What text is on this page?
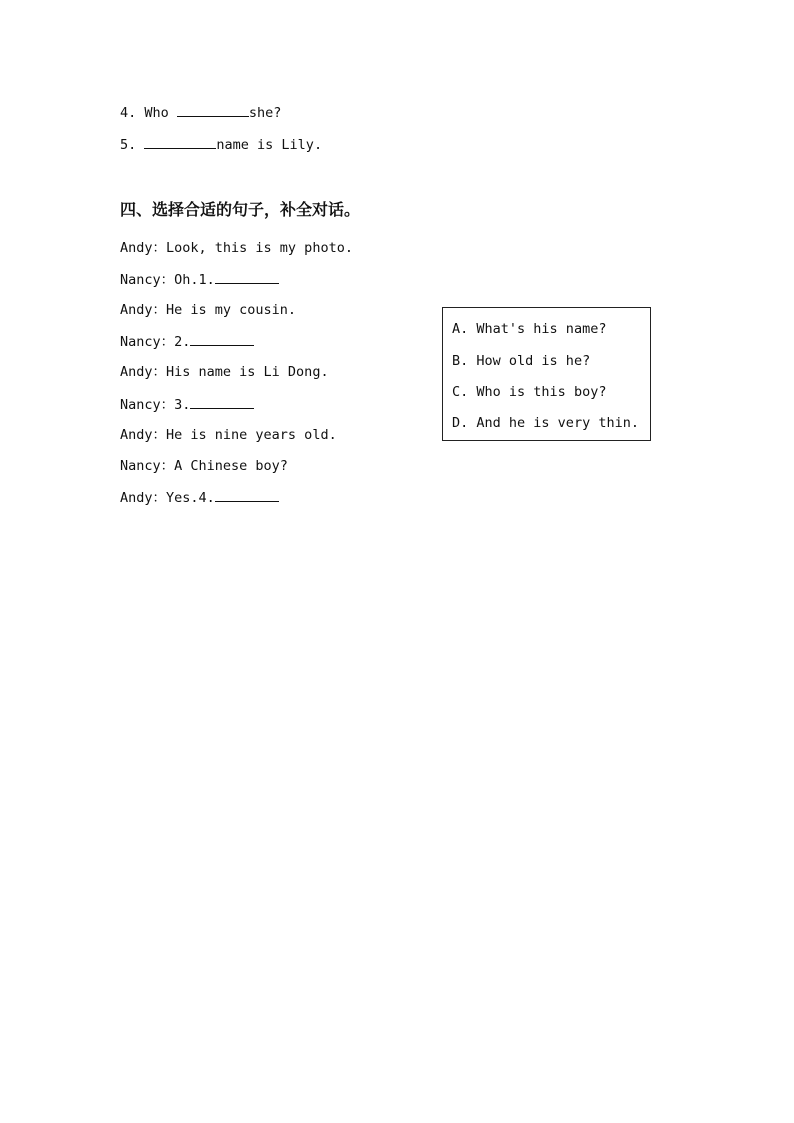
4. Who	she?
5.	name is Lily.
四、选择合适的句子，补全对话。
Andy：Look, this is my photo.
Nancy：Oh.1.
Andy：He is my cousin.
Nancy：2.
Andy：His name is Li Dong.
Nancy：3.
Andy：He is nine years old.
Nancy：A Chinese boy?
Andy：Yes.4.
A. What's his name?
B. How old is he?
C. Who is this boy?
D. And he is very thin.
